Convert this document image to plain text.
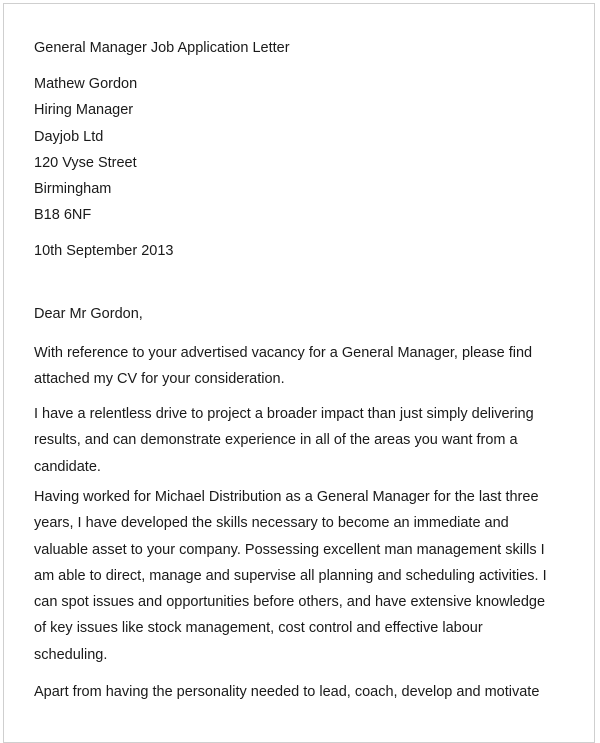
General Manager Job Application Letter
Mathew Gordon
Hiring Manager
Dayjob Ltd
120 Vyse Street
Birmingham
B18 6NF
10th September 2013
Dear Mr Gordon,
With reference to your advertised vacancy for a General Manager, please find
attached my CV for your consideration.
I have a relentless drive to project a broader impact than just simply delivering
results, and can demonstrate experience in all of the areas you want from a
candidate.
Having worked for Michael Distribution as a General Manager for the last three
years, I have developed the skills necessary to become an immediate and
valuable asset to your company. Possessing excellent man management skills I
am able to direct, manage and supervise all planning and scheduling activities. I
can spot issues and opportunities before others, and have extensive knowledge
of key issues like stock management, cost control and effective labour
scheduling.
Apart from having the personality needed to lead, coach, develop and motivate
